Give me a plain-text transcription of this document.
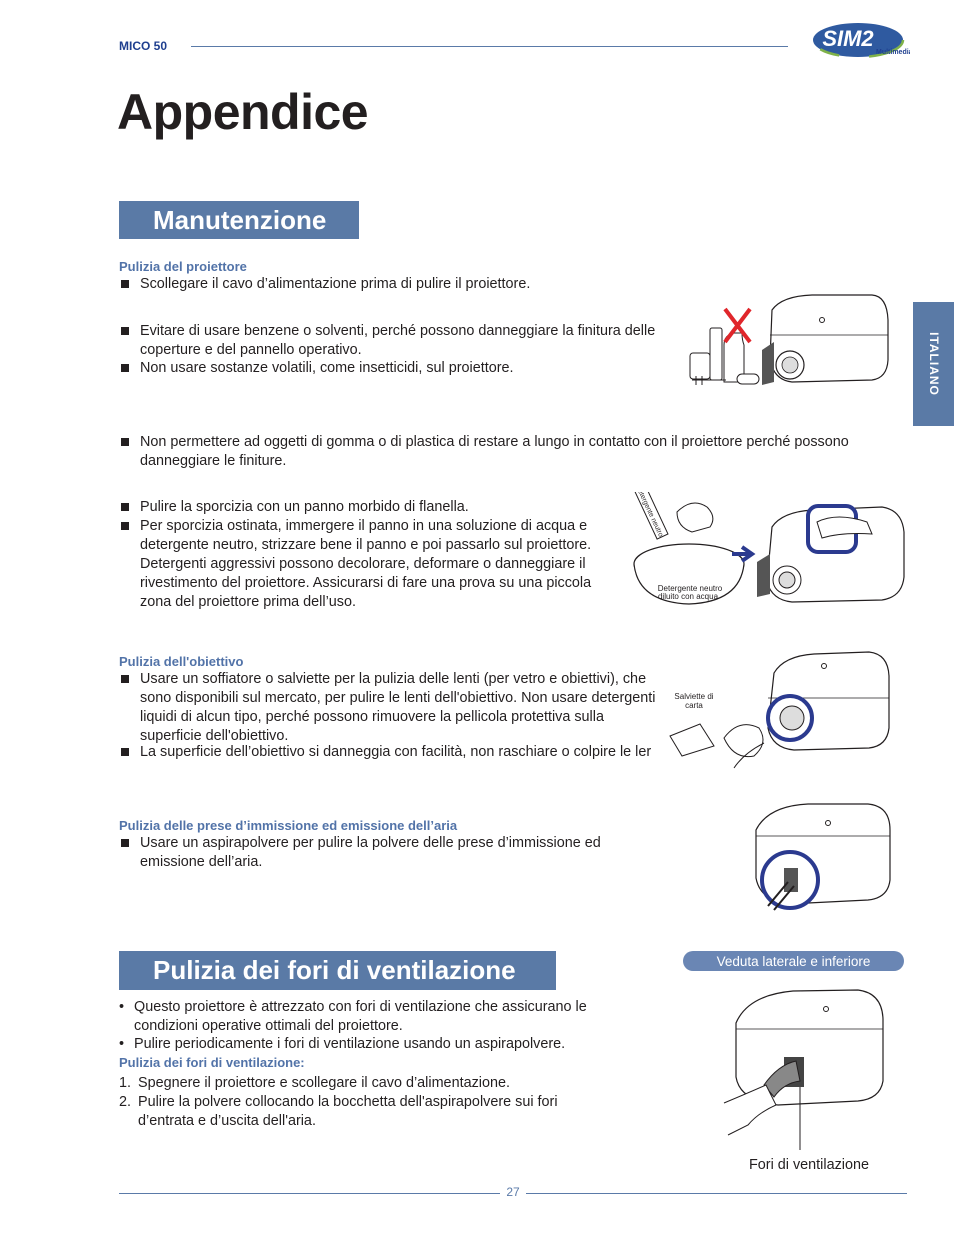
MICO 50	SIM2
Multimedia
Appendice
ITALIANO
Manutenzione
Pulizia del proiettore
Scollegare il cavo d’alimentazione prima di pulire il proiettore.
Evitare di usare benzene o solventi, perché possono danneggiare la finitura delle coperture e del pannello operativo.
Non usare sostanze volatili, come insetticidi, sul proiettore.
Non permettere ad oggetti di gomma o di plastica di restare a lungo in contatto con il proiettore perché possono danneggiare le finiture.
Pulire la sporcizia con un panno morbido di flanella.
Per sporcizia ostinata, immergere il panno in una soluzione di acqua e detergente neutro, strizzare bene il panno e poi passarlo sul proiettore. Detergenti aggressivi possono decolorare, deformare o danneggiare il rivestimento del proiettore. Assicurarsi di fare una prova su una piccola zona del proiettore prima dell’uso.
Detergente neutro
Detergente neutro
diluito con acqua
Pulizia dell'obiettivo
Usare un soffiatore o salviette per la pulizia delle lenti (per vetro e obiettivi), che sono disponibili sul mercato, per pulire le lenti dell'obiettivo. Non usare detergenti liquidi di alcun tipo, perché possono rimuovere la pellicola protettiva sulla superficie dell'obiettivo.
La superficie dell’obiettivo si danneggia con facilità, non raschiare o colpire le ler
Salviette di
carta
Pulizia delle prese d’immissione ed emissione dell’aria
Usare un aspirapolvere per pulire la polvere delle prese d’immissione ed emissione dell’aria.
Pulizia dei fori di ventilazione	Veduta laterale e inferiore
• Questo proiettore è attrezzato con fori di ventilazione che assicurano le condizioni operative ottimali del proiettore.
• Pulire periodicamente i fori di ventilazione usando un aspirapolvere.
Pulizia dei fori di ventilazione:
1. Spegnere il proiettore e scollegare il cavo d’alimentazione.
2. Pulire la polvere collocando la bocchetta dell'aspirapolvere sui fori d’entrata e d’uscita dell'aria.
Fori di ventilazione
27
